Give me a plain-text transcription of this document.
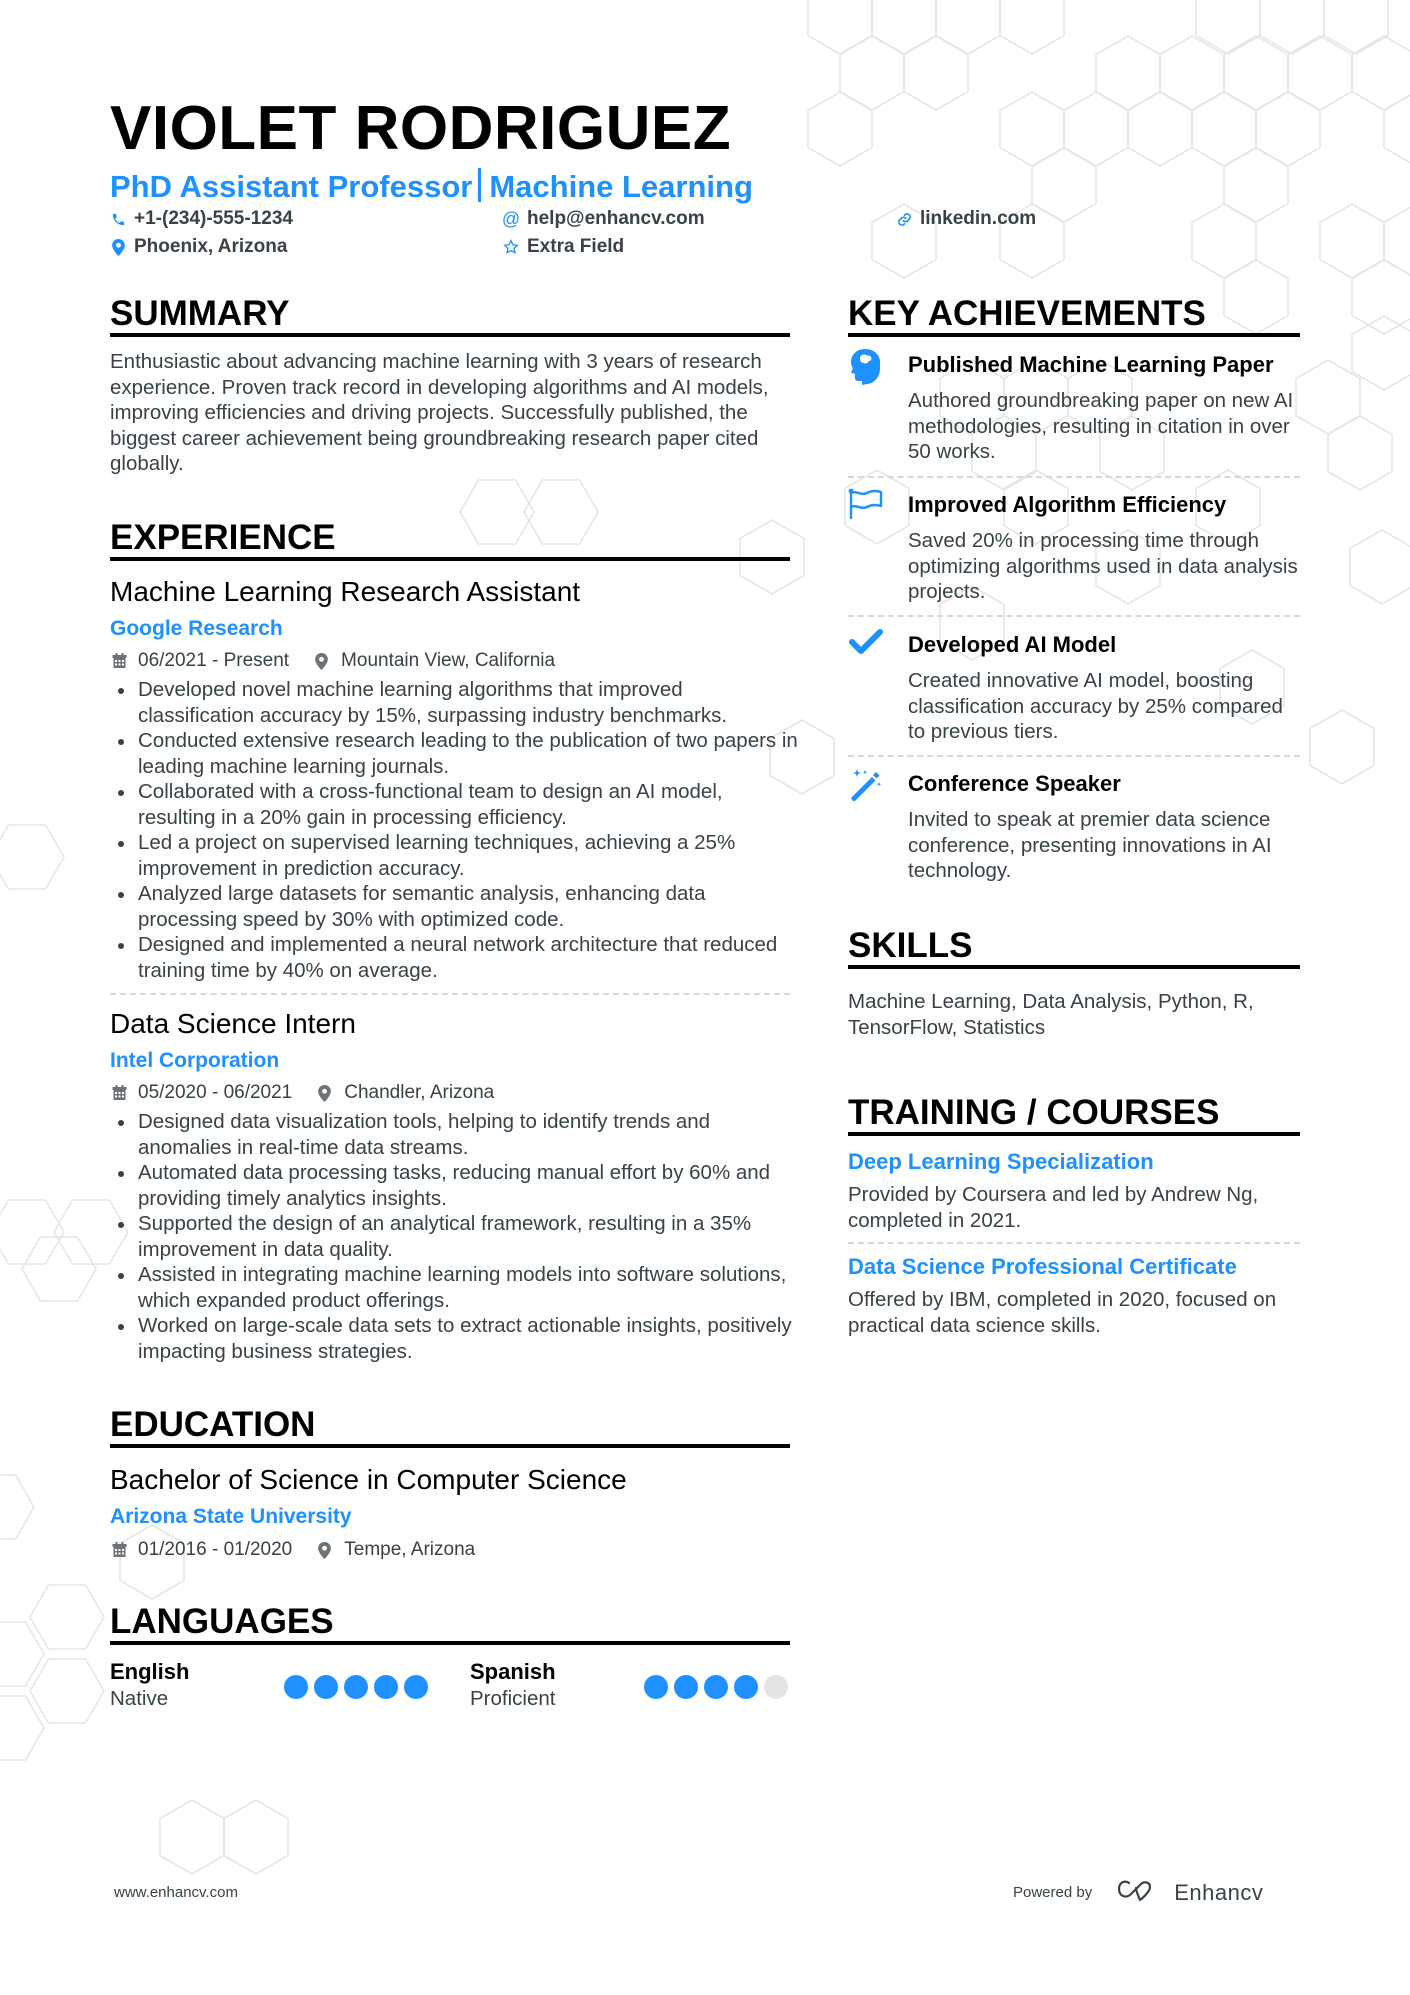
VIOLET RODRIGUEZ
PhD Assistant Professor Machine Learning
+1-(234)-555-1234
Phoenix, Arizona
@ help@enhancv.com
Extra Field
linkedin.com
SUMMARY
Enthusiastic about advancing machine learning with 3 years of research experience. Proven track record in developing algorithms and AI models, improving efficiencies and driving projects. Successfully published, the biggest career achievement being groundbreaking research paper cited globally.
EXPERIENCE
Machine Learning Research Assistant
Google Research
06/2021 - Present	Mountain View, California
Developed novel machine learning algorithms that improved classification accuracy by 15%, surpassing industry benchmarks.
Conducted extensive research leading to the publication of two papers in leading machine learning journals.
Collaborated with a cross-functional team to design an AI model, resulting in a 20% gain in processing efficiency.
Led a project on supervised learning techniques, achieving a 25% improvement in prediction accuracy.
Analyzed large datasets for semantic analysis, enhancing data processing speed by 30% with optimized code.
Designed and implemented a neural network architecture that reduced training time by 40% on average.
Data Science Intern
Intel Corporation
05/2020 - 06/2021	Chandler, Arizona
Designed data visualization tools, helping to identify trends and anomalies in real-time data streams.
Automated data processing tasks, reducing manual effort by 60% and providing timely analytics insights.
Supported the design of an analytical framework, resulting in a 35% improvement in data quality.
Assisted in integrating machine learning models into software solutions, which expanded product offerings.
Worked on large-scale data sets to extract actionable insights, positively impacting business strategies.
EDUCATION
Bachelor of Science in Computer Science
Arizona State University
01/2016 - 01/2020	Tempe, Arizona
LANGUAGES
English
Native
Spanish
Proficient
KEY ACHIEVEMENTS
Published Machine Learning Paper
Authored groundbreaking paper on new AI methodologies, resulting in citation in over 50 works.
Improved Algorithm Efficiency
Saved 20% in processing time through optimizing algorithms used in data analysis projects.
Developed AI Model
Created innovative AI model, boosting classification accuracy by 25% compared to previous tiers.
Conference Speaker
Invited to speak at premier data science conference, presenting innovations in AI technology.
SKILLS
Machine Learning, Data Analysis, Python, R, TensorFlow, Statistics
TRAINING / COURSES
Deep Learning Specialization
Provided by Coursera and led by Andrew Ng, completed in 2021.
Data Science Professional Certificate
Offered by IBM, completed in 2020, focused on practical data science skills.
www.enhancv.com	Powered by	Enhancv
